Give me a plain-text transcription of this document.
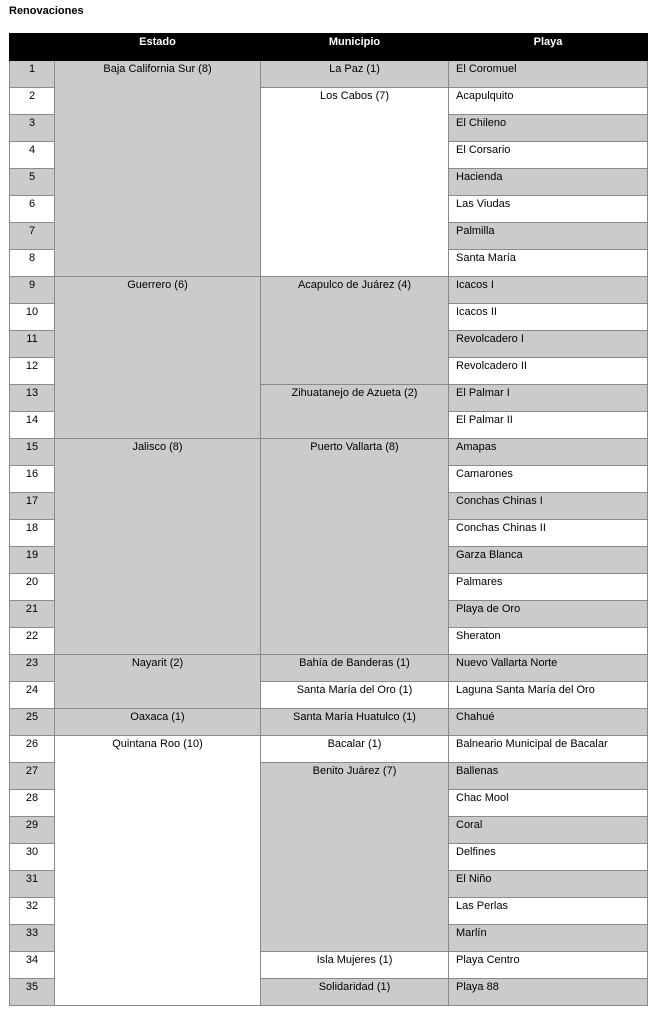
Renovaciones
	Estado	Municipio	Playa
1	Baja California Sur (8)	La Paz (1)	El Coromuel
2		Los Cabos (7)	Acapulquito
3			El Chileno
4			El Corsario
5			Hacienda
6			Las Viudas
7			Palmilla
8			Santa María
9	Guerrero (6)	Acapulco de Juárez (4)	Icacos I
10			Icacos II
11			Revolcadero I
12			Revolcadero II
13		Zihuatanejo de Azueta (2)	El Palmar I
14			El Palmar II
15	Jalisco (8)	Puerto Vallarta (8)	Amapas
16			Camarones
17			Conchas Chinas I
18			Conchas Chinas II
19			Garza Blanca
20			Palmares
21			Playa de Oro
22			Sheraton
23	Nayarit (2)	Bahía de Banderas (1)	Nuevo Vallarta Norte
24		Santa María del Oro (1)	Laguna Santa María del Oro
25	Oaxaca (1)	Santa María Huatulco (1)	Chahué
26	Quintana Roo (10)	Bacalar (1)	Balneario Municipal de Bacalar
27		Benito Juárez (7)	Ballenas
28			Chac Mool
29			Coral
30			Delfines
31			El Niño
32			Las Perlas
33			Marlín
34		Isla Mujeres (1)	Playa Centro
35		Solidaridad (1)	Playa 88
